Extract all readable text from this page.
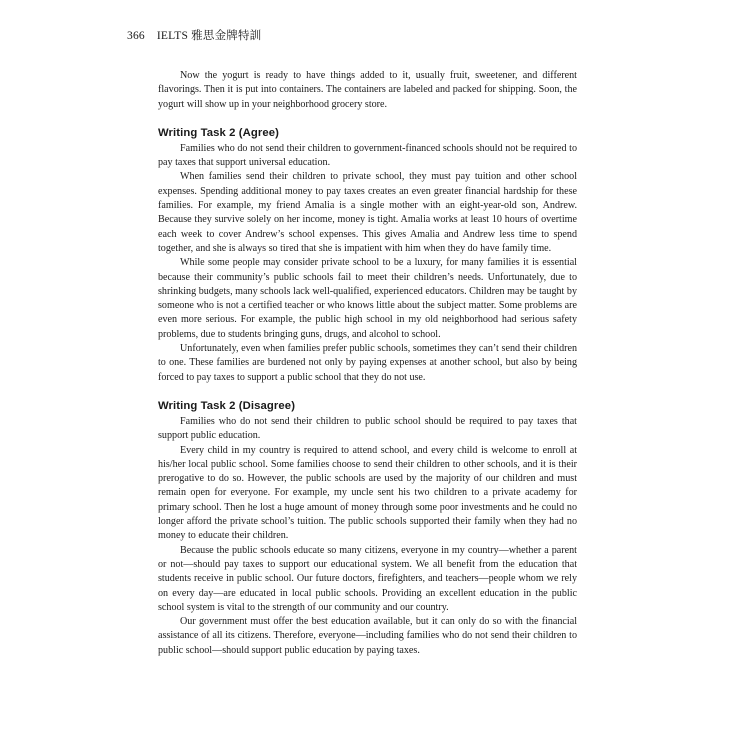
366 IELTS 雅思金牌特訓

Now the yogurt is ready to have things added to it, usually fruit, sweetener, and different flavorings. Then it is put into containers. The containers are labeled and packed for shipping. Soon, the yogurt will show up in your neighborhood grocery store.

Writing Task 2 (Agree)

Families who do not send their children to government-financed schools should not be required to pay taxes that support universal education.

When families send their children to private school, they must pay tuition and other school expenses. Spending additional money to pay taxes creates an even greater financial hardship for these families. For example, my friend Amalia is a single mother with an eight-year-old son, Andrew. Because they survive solely on her income, money is tight. Amalia works at least 10 hours of overtime each week to cover Andrew’s school expenses. This gives Amalia and Andrew less time to spend together, and she is always so tired that she is impatient with him when they do have family time.

While some people may consider private school to be a luxury, for many families it is essential because their community’s public schools fail to meet their children’s needs. Unfortunately, due to shrinking budgets, many schools lack well-qualified, experienced educators. Children may be taught by someone who is not a certified teacher or who knows little about the subject matter. Some problems are even more serious. For example, the public high school in my old neighborhood had serious safety problems, due to students bringing guns, drugs, and alcohol to school.

Unfortunately, even when families prefer public schools, sometimes they can’t send their children to one. These families are burdened not only by paying expenses at another school, but also by being forced to pay taxes to support a public school that they do not use.

Writing Task 2 (Disagree)

Families who do not send their children to public school should be required to pay taxes that support public education.

Every child in my country is required to attend school, and every child is welcome to enroll at his/her local public school. Some families choose to send their children to other schools, and it is their prerogative to do so. However, the public schools are used by the majority of our children and must remain open for everyone. For example, my uncle sent his two children to a private academy for primary school. Then he lost a huge amount of money through some poor investments and he could no longer afford the private school’s tuition. The public schools supported their family when they had no money to educate their children.

Because the public schools educate so many citizens, everyone in my country—whether a parent or not—should pay taxes to support our educational system. We all benefit from the education that students receive in public school. Our future doctors, firefighters, and teachers—people whom we rely on every day—are educated in local public schools. Providing an excellent education in the public school system is vital to the strength of our community and our country.

Our government must offer the best education available, but it can only do so with the financial assistance of all its citizens. Therefore, everyone—including families who do not send their children to public school—should support public education by paying taxes.
